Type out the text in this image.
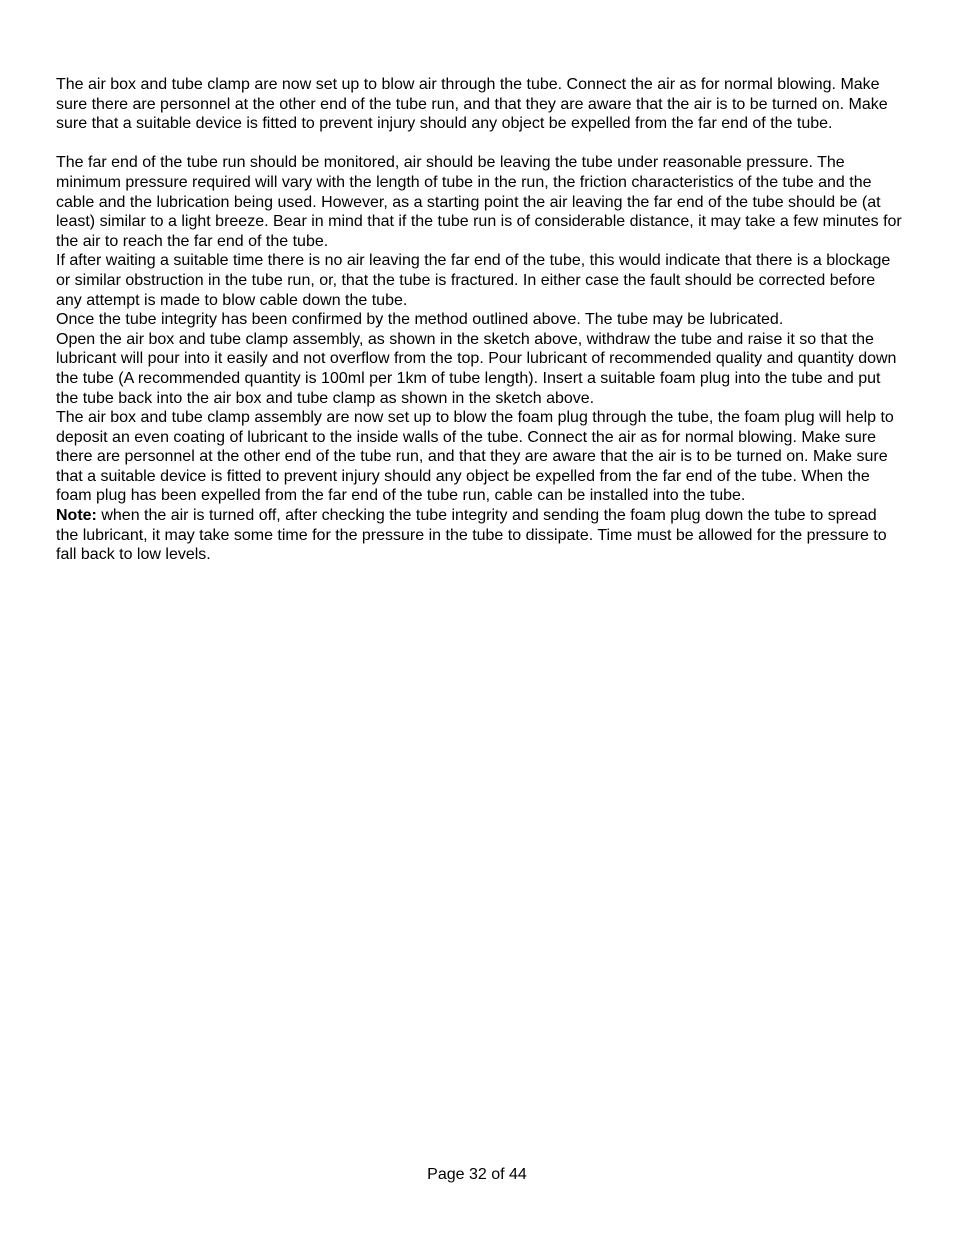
The air box and tube clamp are now set up to blow air through the tube. Connect the air as for normal blowing. Make sure there are personnel at the other end of the tube run, and that they are aware that the air is to be turned on. Make sure that a suitable device is fitted to prevent injury should any object be expelled from the far end of the tube.

The far end of the tube run should be monitored, air should be leaving the tube under reasonable pressure. The minimum pressure required will vary with the length of tube in the run, the friction characteristics of the tube and the cable and the lubrication being used. However, as a starting point the air leaving the far end of the tube should be (at least) similar to a light breeze. Bear in mind that if the tube run is of considerable distance, it may take a few minutes for the air to reach the far end of the tube.

If after waiting a suitable time there is no air leaving the far end of the tube, this would indicate that there is a blockage or similar obstruction in the tube run, or, that the tube is fractured. In either case the fault should be corrected before any attempt is made to blow cable down the tube.

Once the tube integrity has been confirmed by the method outlined above. The tube may be lubricated.

Open the air box and tube clamp assembly, as shown in the sketch above, withdraw the tube and raise it so that the lubricant will pour into it easily and not overflow from the top. Pour lubricant of recommended quality and quantity down the tube (A recommended quantity is 100ml per 1km of tube length). Insert a suitable foam plug into the tube and put the tube back into the air box and tube clamp as shown in the sketch above.

The air box and tube clamp assembly are now set up to blow the foam plug through the tube, the foam plug will help to deposit an even coating of lubricant to the inside walls of the tube. Connect the air as for normal blowing. Make sure there are personnel at the other end of the tube run, and that they are aware that the air is to be turned on. Make sure that a suitable device is fitted to prevent injury should any object be expelled from the far end of the tube. When the foam plug has been expelled from the far end of the tube run, cable can be installed into the tube.

Note: when the air is turned off, after checking the tube integrity and sending the foam plug down the tube to spread the lubricant, it may take some time for the pressure in the tube to dissipate. Time must be allowed for the pressure to fall back to low levels.

Page 32 of 44
